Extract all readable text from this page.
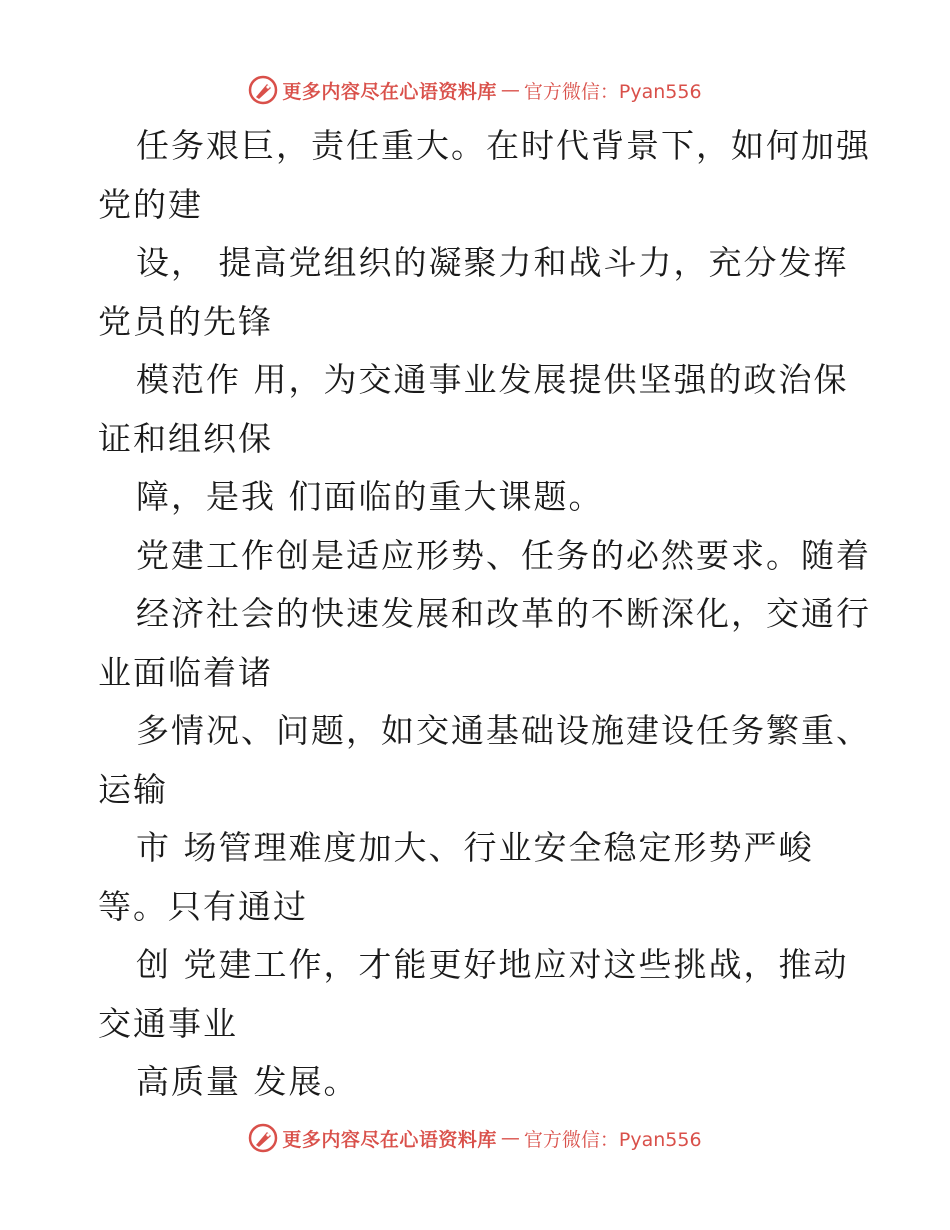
更多内容尽在心语资料库 — 官方微信：Pyan556
任务艰巨，责任重大。在时代背景下，如何加强
党的建
设， 提高党组织的凝聚力和战斗力，充分发挥
党员的先锋
模范作 用，为交通事业发展提供坚强的政治保
证和组织保
障，是我 们面临的重大课题。
党建工作创是适应形势、任务的必然要求。随着
经济社会的快速发展和改革的不断深化，交通行
业面临着诸
多情况、问题，如交通基础设施建设任务繁重、
运输
市 场管理难度加大、行业安全稳定形势严峻
等。只有通过
创 党建工作，才能更好地应对这些挑战，推动
交通事业
高质量 发展。
更多内容尽在心语资料库 — 官方微信：Pyan556
